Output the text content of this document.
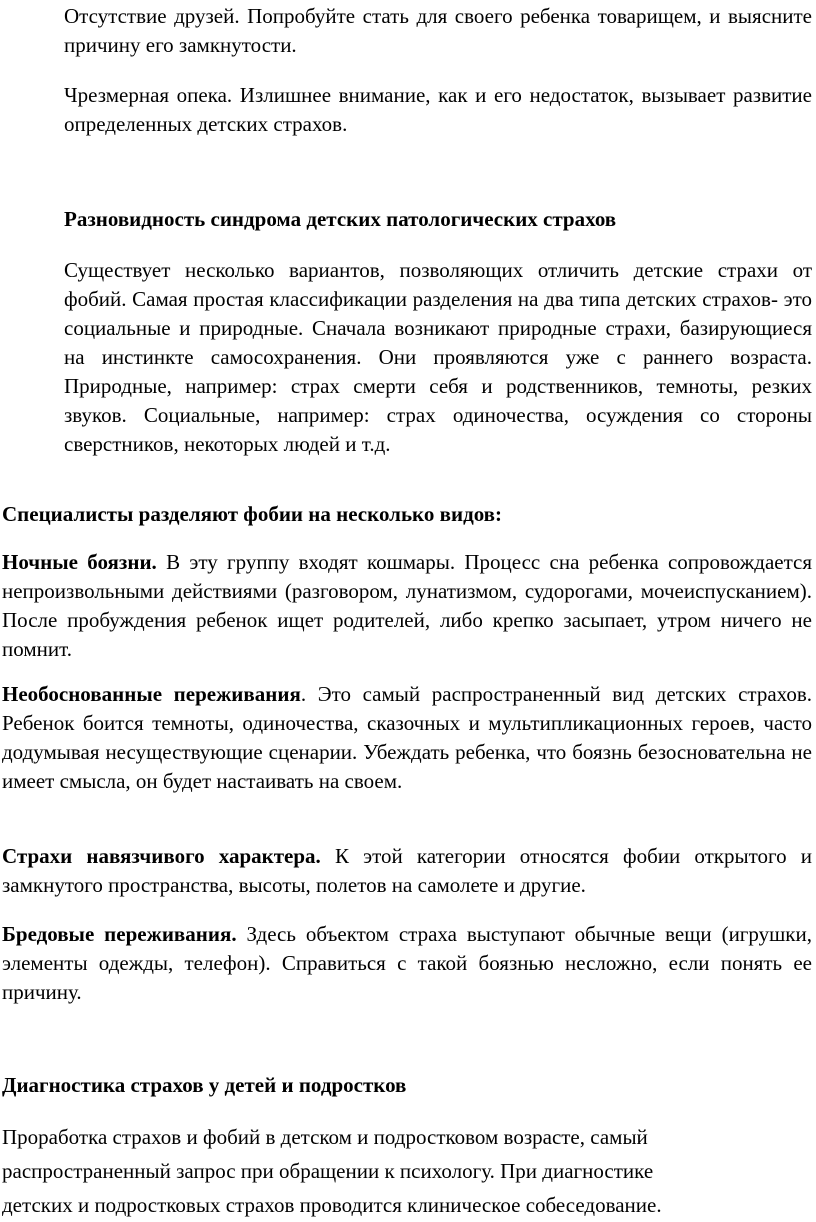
Отсутствие друзей. Попробуйте стать для своего ребенка товарищем, и выясните причину его замкнутости.

Чрезмерная опека. Излишнее внимание, как и его недостаток, вызывает развитие определенных детских страхов.

Разновидность синдрома детских патологических страхов

Существует несколько вариантов, позволяющих отличить детские страхи от фобий. Самая простая классификации разделения на два типа детских страхов- это социальные и природные. Сначала возникают природные страхи, базирующиеся на инстинкте самосохранения. Они проявляются уже с раннего возраста. Природные, например: страх смерти себя и родственников, темноты, резких звуков. Социальные, например: страх одиночества, осуждения со стороны сверстников, некоторых людей и т.д.

Специалисты разделяют фобии на несколько видов:

Ночные боязни. В эту группу входят кошмары. Процесс сна ребенка сопровождается непроизвольными действиями (разговором, лунатизмом, судорогами, мочеиспусканием). После пробуждения ребенок ищет родителей, либо крепко засыпает, утром ничего не помнит.

Необоснованные переживания. Это самый распространенный вид детских страхов. Ребенок боится темноты, одиночества, сказочных и мультипликационных героев, часто додумывая несуществующие сценарии. Убеждать ребенка, что боязнь безосновательна не имеет смысла, он будет настаивать на своем.

Страхи навязчивого характера. К этой категории относятся фобии открытого и замкнутого пространства, высоты, полетов на самолете и другие.

Бредовые переживания. Здесь объектом страха выступают обычные вещи (игрушки, элементы одежды, телефон). Справиться с такой боязнью несложно, если понять ее причину.

Диагностика страхов у детей и подростков

Проработка страхов и фобий в детском и подростковом возрасте, самый

распространенный запрос при обращении к психологу. При диагностике

детских и подростковых страхов проводится клиническое собеседование.
